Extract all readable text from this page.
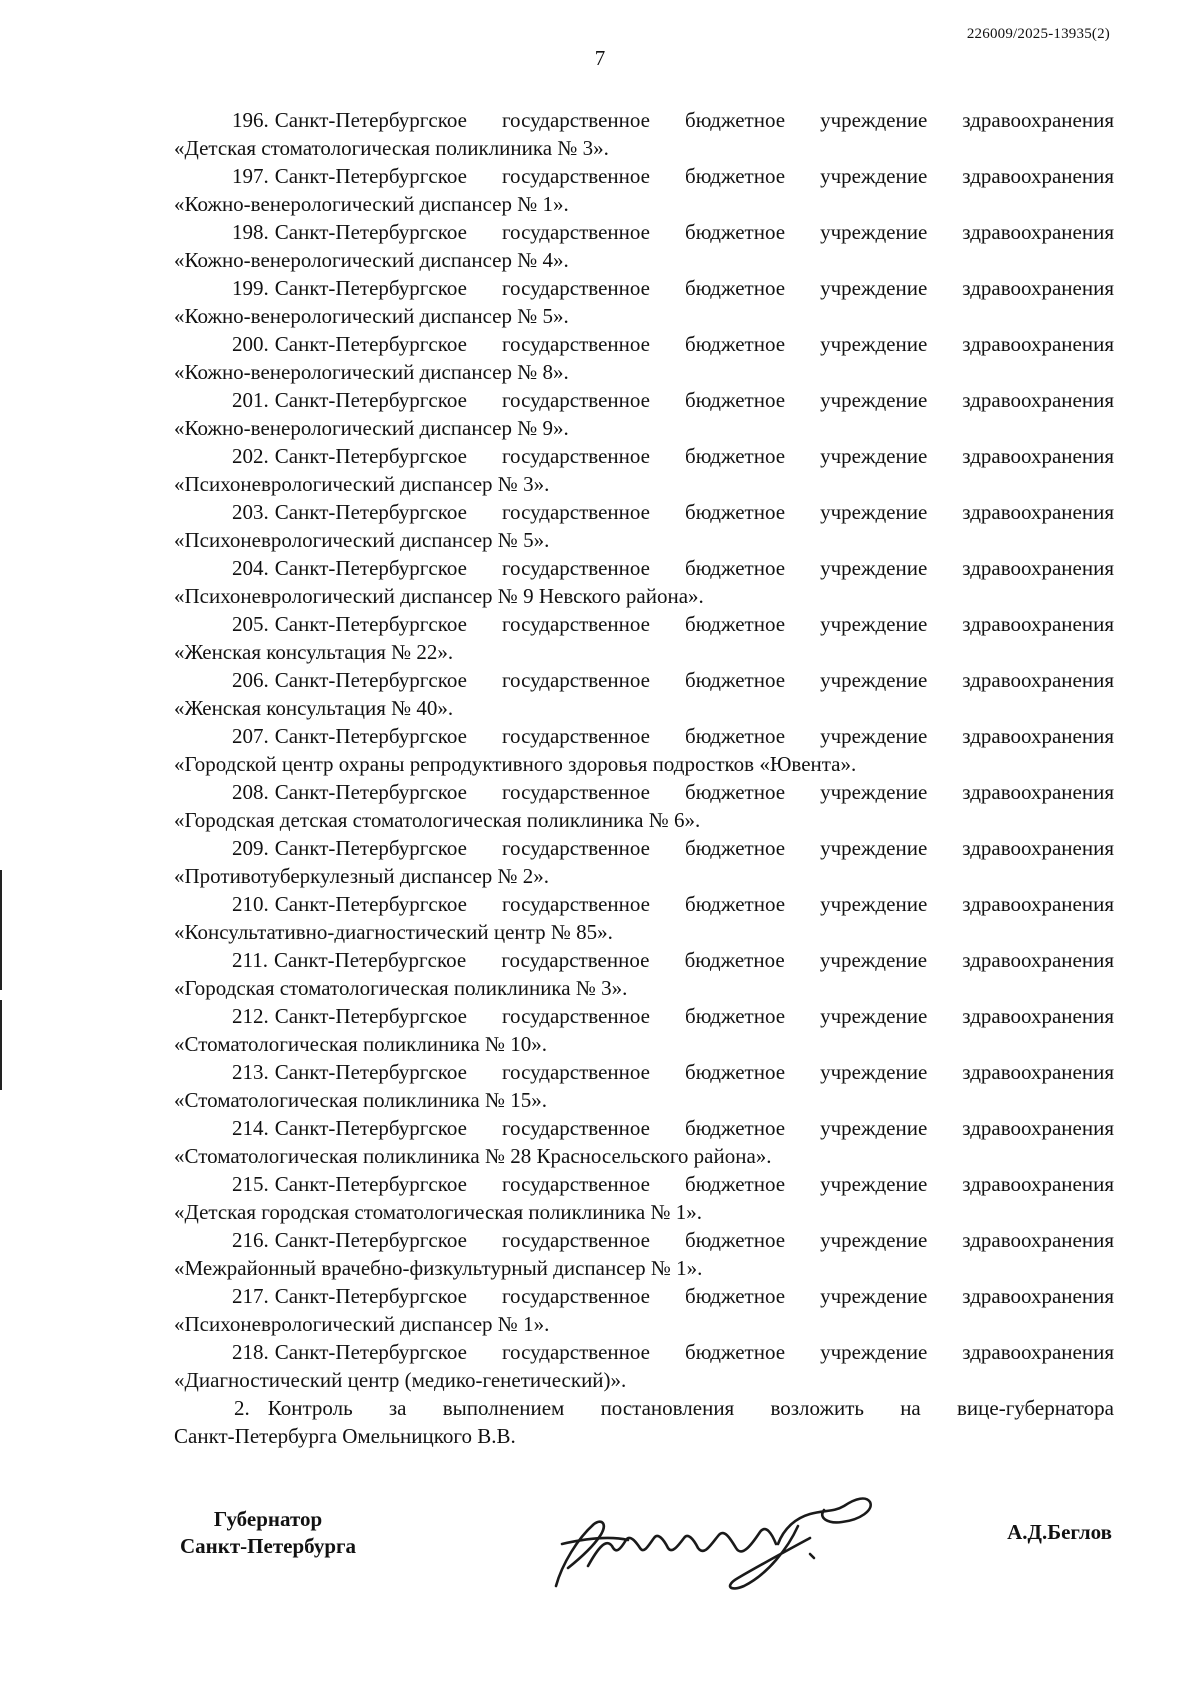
226009/2025-13935(2)
7
196. Санкт-Петербургское государственное бюджетное учреждение здравоохранения
«Детская стоматологическая поликлиника № 3».
197. Санкт-Петербургское государственное бюджетное учреждение здравоохранения
«Кожно-венерологический диспансер № 1».
198. Санкт-Петербургское государственное бюджетное учреждение здравоохранения
«Кожно-венерологический диспансер № 4».
199. Санкт-Петербургское государственное бюджетное учреждение здравоохранения
«Кожно-венерологический диспансер № 5».
200. Санкт-Петербургское государственное бюджетное учреждение здравоохранения
«Кожно-венерологический диспансер № 8».
201. Санкт-Петербургское государственное бюджетное учреждение здравоохранения
«Кожно-венерологический диспансер № 9».
202. Санкт-Петербургское государственное бюджетное учреждение здравоохранения
«Психоневрологический диспансер № 3».
203. Санкт-Петербургское государственное бюджетное учреждение здравоохранения
«Психоневрологический диспансер № 5».
204. Санкт-Петербургское государственное бюджетное учреждение здравоохранения
«Психоневрологический диспансер № 9 Невского района».
205. Санкт-Петербургское государственное бюджетное учреждение здравоохранения
«Женская консультация № 22».
206. Санкт-Петербургское государственное бюджетное учреждение здравоохранения
«Женская консультация № 40».
207. Санкт-Петербургское государственное бюджетное учреждение здравоохранения
«Городской центр охраны репродуктивного здоровья подростков «Ювента».
208. Санкт-Петербургское государственное бюджетное учреждение здравоохранения
«Городская детская стоматологическая поликлиника № 6».
209. Санкт-Петербургское государственное бюджетное учреждение здравоохранения
«Противотуберкулезный диспансер № 2».
210. Санкт-Петербургское государственное бюджетное учреждение здравоохранения
«Консультативно-диагностический центр № 85».
211. Санкт-Петербургское государственное бюджетное учреждение здравоохранения
«Городская стоматологическая поликлиника № 3».
212. Санкт-Петербургское государственное бюджетное учреждение здравоохранения
«Стоматологическая поликлиника № 10».
213. Санкт-Петербургское государственное бюджетное учреждение здравоохранения
«Стоматологическая поликлиника № 15».
214. Санкт-Петербургское государственное бюджетное учреждение здравоохранения
«Стоматологическая поликлиника № 28 Красносельского района».
215. Санкт-Петербургское государственное бюджетное учреждение здравоохранения
«Детская городская стоматологическая поликлиника № 1».
216. Санкт-Петербургское государственное бюджетное учреждение здравоохранения
«Межрайонный врачебно-физкультурный диспансер № 1».
217. Санкт-Петербургское государственное бюджетное учреждение здравоохранения
«Психоневрологический диспансер № 1».
218. Санкт-Петербургское государственное бюджетное учреждение здравоохранения
«Диагностический центр (медико-генетический)».
2. Контроль за выполнением постановления возложить на вице-губернатора
Санкт-Петербурга Омельницкого В.В.
Губернатор
Санкт-Петербурга
А.Д.Беглов
